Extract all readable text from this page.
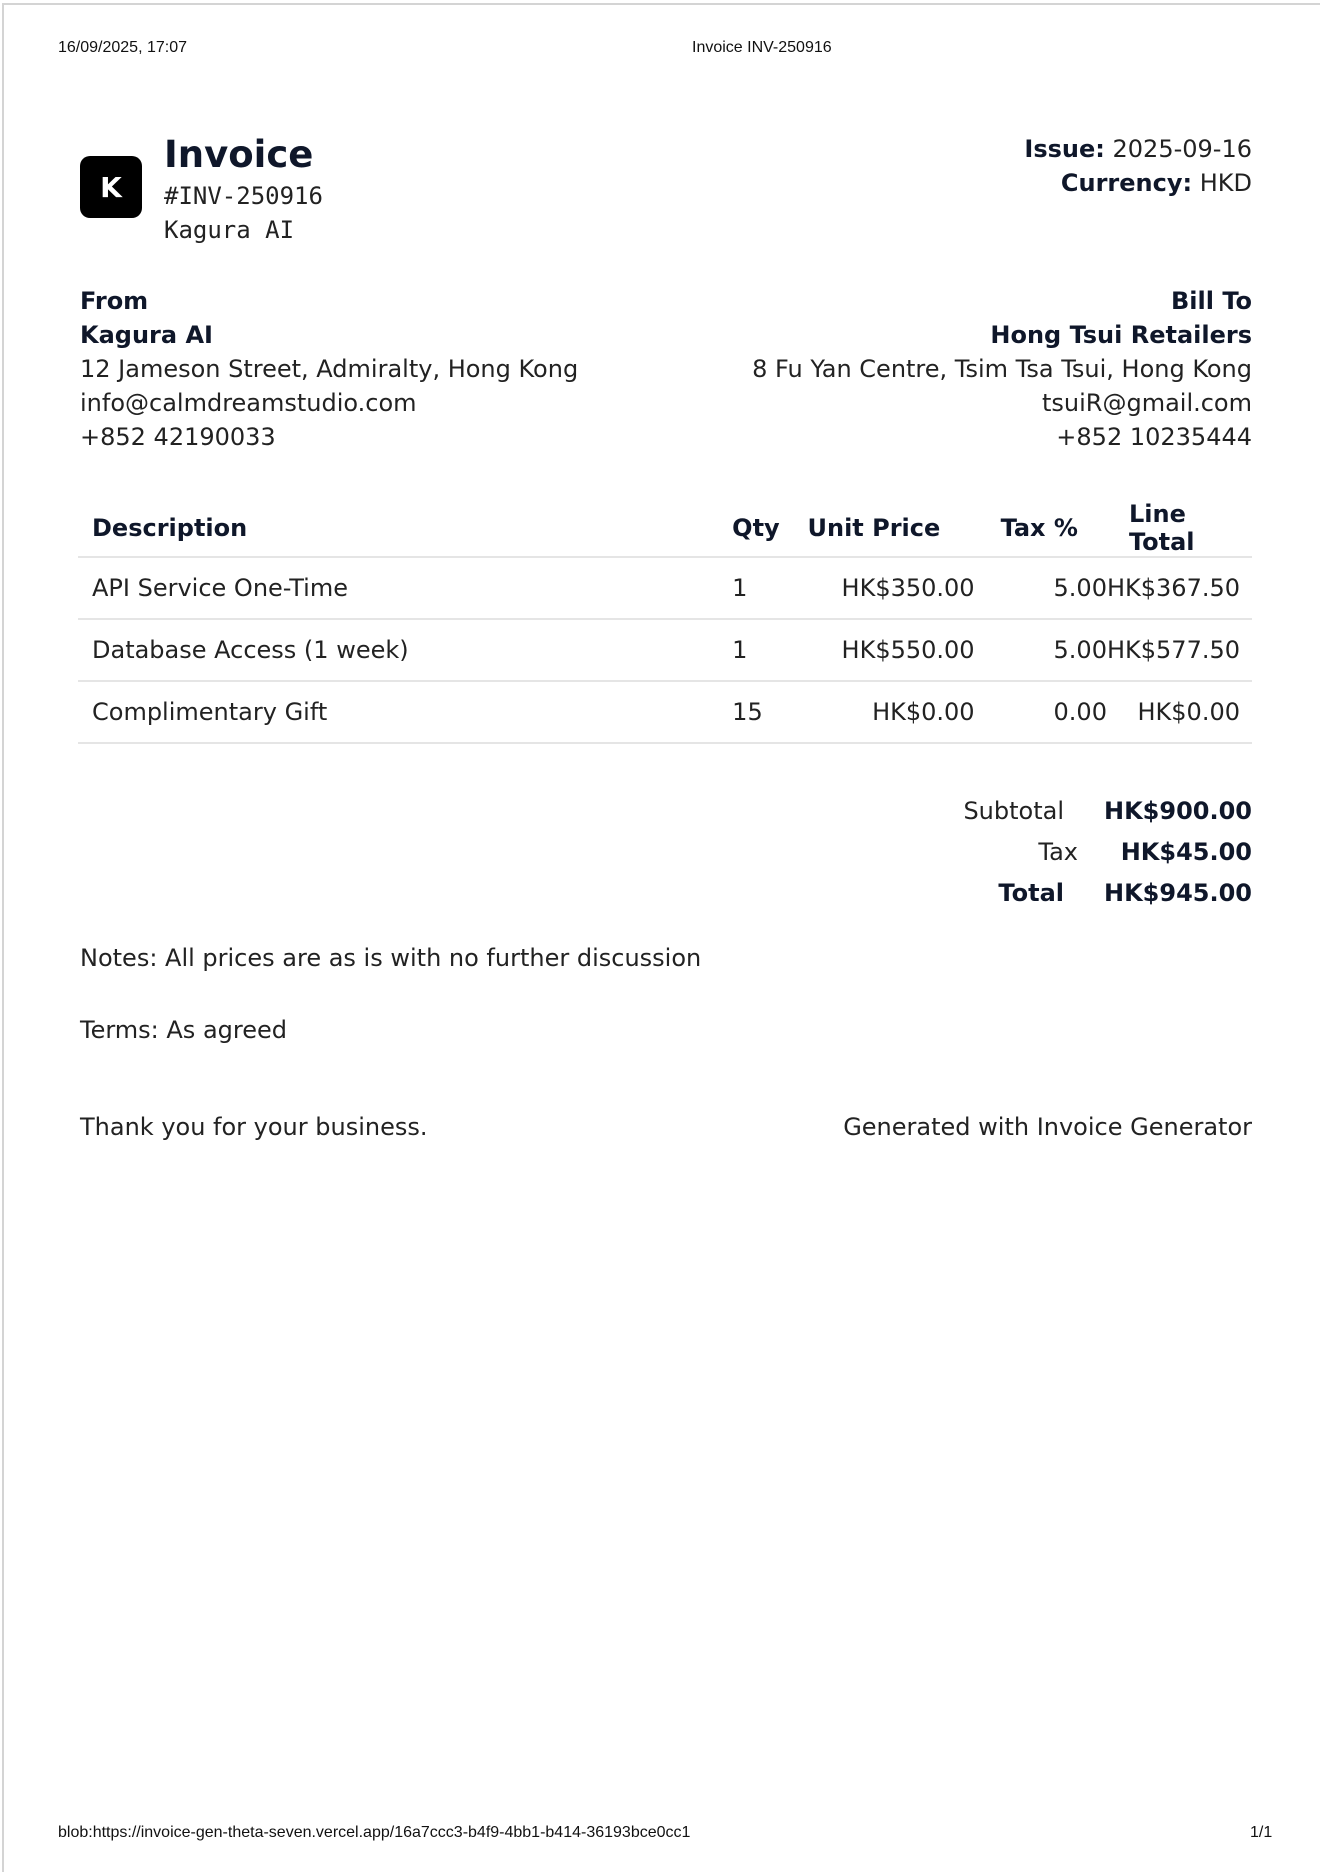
16/09/2025, 17:07	Invoice INV-250916
K
Invoice
#INV-250916
Kagura AI
Issue: 2025-09-16
Currency: HKD
From
Kagura AI
12 Jameson Street, Admiralty, Hong Kong
info@calmdreamstudio.com
+852 42190033
Bill To
Hong Tsui Retailers
8 Fu Yan Centre, Tsim Tsa Tsui, Hong Kong
tsuiR@gmail.com
+852 10235444
Description	Qty	Unit Price	Tax %	Line Total
API Service One-Time	1	HK$350.00	5.00	HK$367.50
Database Access (1 week)	1	HK$550.00	5.00	HK$577.50
Complimentary Gift	15	HK$0.00	0.00	HK$0.00
Subtotal HK$900.00
Tax HK$45.00
Total HK$945.00
Notes: All prices are as is with no further discussion
Terms: As agreed
Thank you for your business.	Generated with Invoice Generator
blob:https://invoice-gen-theta-seven.vercel.app/16a7ccc3-b4f9-4bb1-b414-36193bce0cc1	1/1
